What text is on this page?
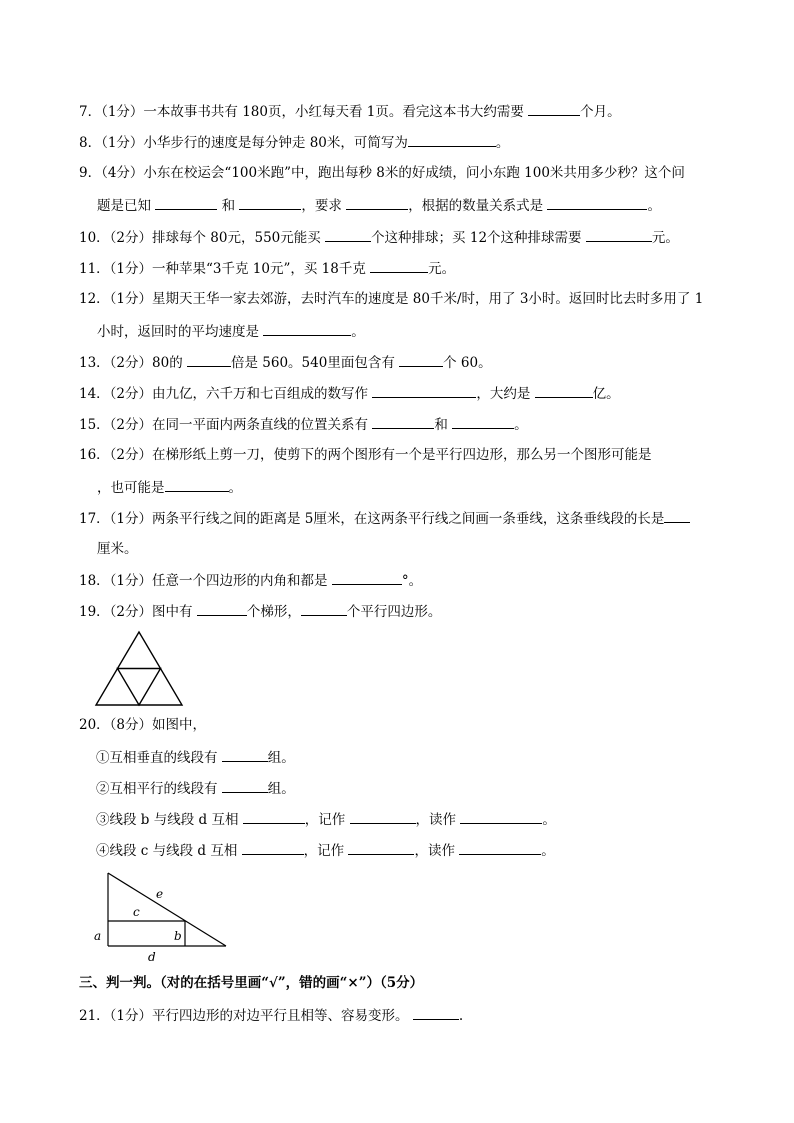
7．（1分）一本故事书共有 180页，小红每天看 1页。看完这本书大约需要	个月。
8．（1分）小华步行的速度是每分钟走 80米，可简写为	。
9．（4分）小东在校运会“100米跑”中，跑出每秒 8米的好成绩，问小东跑 100米共用多少秒？这个问
题是已知	和	，要求	，根据的数量关系式是	。
10．（2分）排球每个 80元，550元能买	个这种排球；买 12个这种排球需要	元。
11．（1分）一种苹果“3千克 10元”，买 18千克	元。
12．（1分）星期天王华一家去郊游，去时汽车的速度是 80千米/时，用了 3小时。返回时比去时多用了 1
小时，返回时的平均速度是	。
13．（2分）80的	倍是 560。540里面包含有	个 60。
14．（2分）由九亿，六千万和七百组成的数写作	，大约是	亿。
15．（2分）在同一平面内两条直线的位置关系有	和	。
16．（2分）在梯形纸上剪一刀，使剪下的两个图形有一个是平行四边形，那么另一个图形可能是
，也可能是	。
17．（1分）两条平行线之间的距离是 5厘米，在这两条平行线之间画一条垂线，这条垂线段的长是
厘米。
18．（1分）任意一个四边形的内角和都是	°。
19．（2分）图中有	个梯形，	个平行四边形。
20．（8分）如图中，
①互相垂直的线段有	组。
②互相平行的线段有	组。
③线段 b 与线段 d 互相	，记作	，读作	。
④线段 c 与线段 d 互相	，记作	，读作	。
e
c
a	b
d
三、判一判。（对的在括号里画“√”，错的画“×”）（5分）
21．（1分）平行四边形的对边平行且相等、容易变形。	.
